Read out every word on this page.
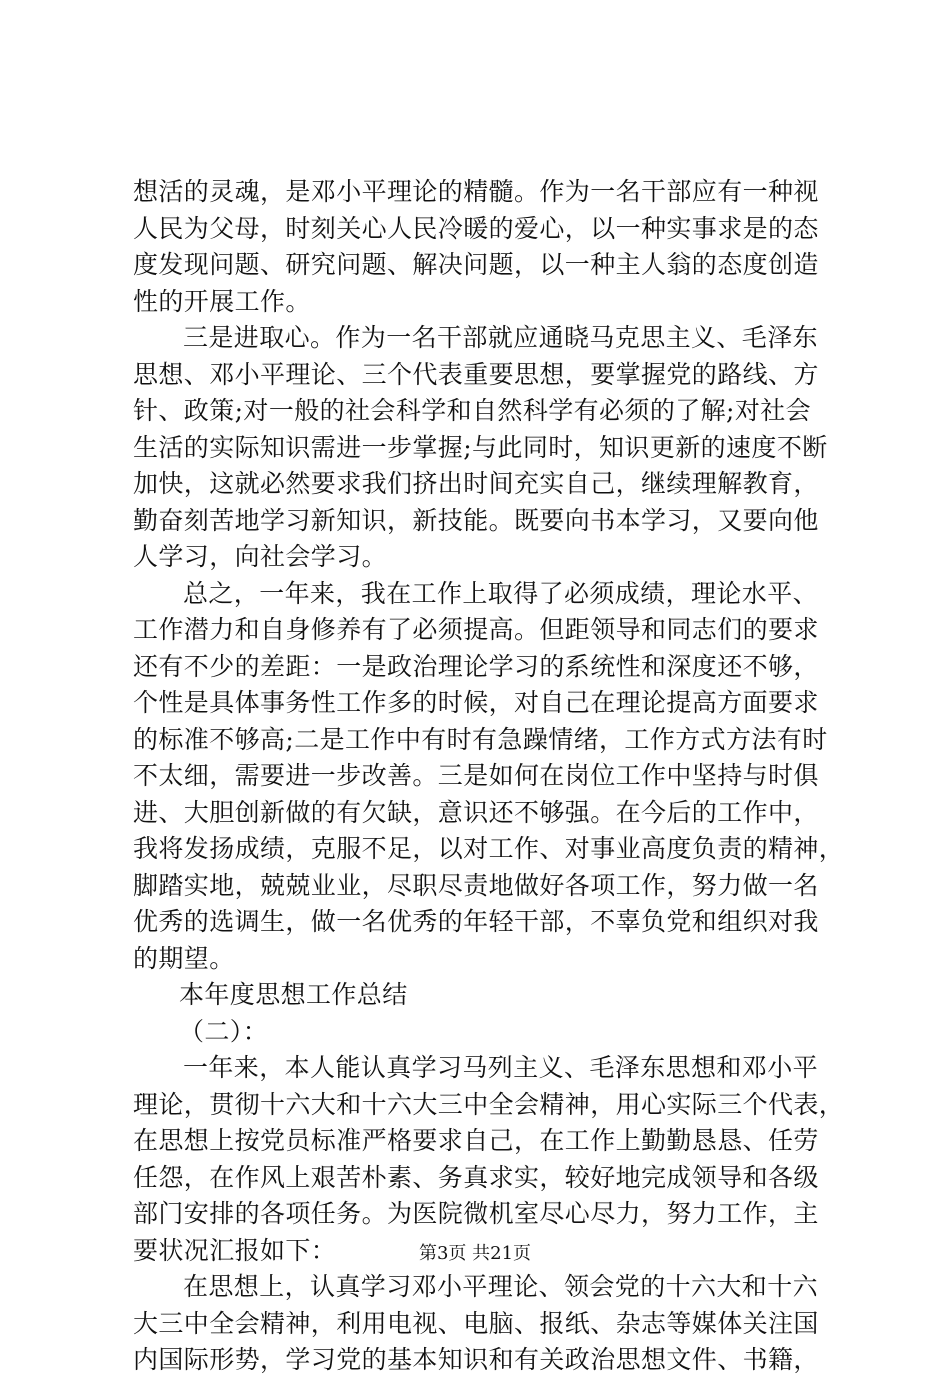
想活的灵魂，是邓小平理论的精髓。作为一名干部应有一种视
人民为父母，时刻关心人民冷暖的爱心，以一种实事求是的态
度发现问题、研究问题、解决问题，以一种主人翁的态度创造
性的开展工作。
三是进取心。作为一名干部就应通晓马克思主义、毛泽东
思想、邓小平理论、三个代表重要思想，要掌握党的路线、方
针、政策;对一般的社会科学和自然科学有必须的了解;对社会
生活的实际知识需进一步掌握;与此同时，知识更新的速度不断
加快，这就必然要求我们挤出时间充实自己，继续理解教育，
勤奋刻苦地学习新知识，新技能。既要向书本学习，又要向他
人学习，向社会学习。
总之，一年来，我在工作上取得了必须成绩，理论水平、
工作潜力和自身修养有了必须提高。但距领导和同志们的要求
还有不少的差距：一是政治理论学习的系统性和深度还不够，
个性是具体事务性工作多的时候，对自己在理论提高方面要求
的标准不够高;二是工作中有时有急躁情绪，工作方式方法有时
不太细，需要进一步改善。三是如何在岗位工作中坚持与时俱
进、大胆创新做的有欠缺，意识还不够强。在今后的工作中，
我将发扬成绩，克服不足，以对工作、对事业高度负责的精神，
脚踏实地，兢兢业业，尽职尽责地做好各项工作，努力做一名
优秀的选调生，做一名优秀的年轻干部，不辜负党和组织对我
的期望。
本年度思想工作总结
（二）：
一年来，本人能认真学习马列主义、毛泽东思想和邓小平
理论，贯彻十六大和十六大三中全会精神，用心实际三个代表，
在思想上按党员标准严格要求自己，在工作上勤勤恳恳、任劳
任怨，在作风上艰苦朴素、务真求实，较好地完成领导和各级
部门安排的各项任务。为医院微机室尽心尽力，努力工作，主
要状况汇报如下：
在思想上，认真学习邓小平理论、领会党的十六大和十六
大三中全会精神，利用电视、电脑、报纸、杂志等媒体关注国
内国际形势，学习党的基本知识和有关政治思想文件、书籍，
第3页 共21页
